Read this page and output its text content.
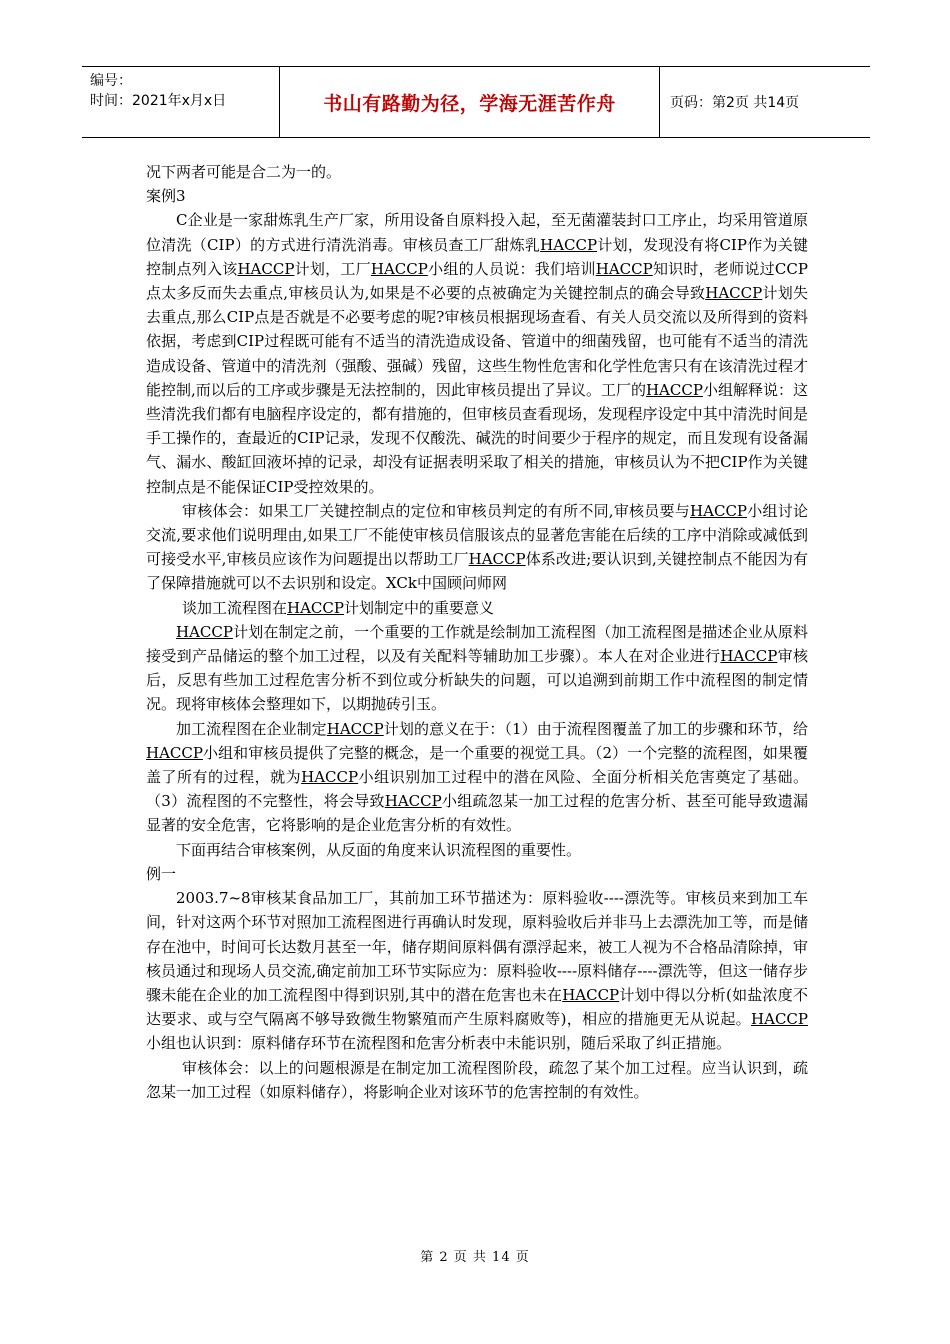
编号：
时间：2021年x月x日	书山有路勤为径，学海无涯苦作舟	页码：第2页 共14页

况下两者可能是合二为一的。

案例3

C企业是一家甜炼乳生产厂家，所用设备自原料投入起，至无菌灌装封口工序止，均采用管道原位清洗（CIP）的方式进行清洗消毒。审核员查工厂甜炼乳HACCP计划，发现没有将CIP作为关键控制点列入该HACCP计划，工厂HACCP小组的人员说：我们培训HACCP知识时，老师说过CCP点太多反而失去重点,审核员认为,如果是不必要的点被确定为关键控制点的确会导致HACCP计划失去重点,那么CIP点是否就是不必要考虑的呢?审核员根据现场查看、有关人员交流以及所得到的资料依据，考虑到CIP过程既可能有不适当的清洗造成设备、管道中的细菌残留，也可能有不适当的清洗造成设备、管道中的清洗剂（强酸、强碱）残留，这些生物性危害和化学性危害只有在该清洗过程才能控制,而以后的工序或步骤是无法控制的，因此审核员提出了异议。工厂的HACCP小组解释说：这些清洗我们都有电脑程序设定的，都有措施的，但审核员查看现场，发现程序设定中其中清洗时间是手工操作的，查最近的CIP记录，发现不仅酸洗、碱洗的时间要少于程序的规定，而且发现有设备漏气、漏水、酸缸回液坏掉的记录，却没有证据表明采取了相关的措施，审核员认为不把CIP作为关键控制点是不能保证CIP受控效果的。

审核体会：如果工厂关键控制点的定位和审核员判定的有所不同,审核员要与HACCP小组讨论交流,要求他们说明理由,如果工厂不能使审核员信服该点的显著危害能在后续的工序中消除或减低到可接受水平,审核员应该作为问题提出以帮助工厂HACCP体系改进;要认识到,关键控制点不能因为有了保障措施就可以不去识别和设定。XCk中国顾问师网

谈加工流程图在HACCP计划制定中的重要意义

HACCP计划在制定之前，一个重要的工作就是绘制加工流程图（加工流程图是描述企业从原料接受到产品储运的整个加工过程，以及有关配料等辅助加工步骤）。本人在对企业进行HACCP审核后，反思有些加工过程危害分析不到位或分析缺失的问题，可以追溯到前期工作中流程图的制定情况。现将审核体会整理如下，以期抛砖引玉。

加工流程图在企业制定HACCP计划的意义在于：（1）由于流程图覆盖了加工的步骤和环节，给HACCP小组和审核员提供了完整的概念，是一个重要的视觉工具。（2）一个完整的流程图，如果覆盖了所有的过程，就为HACCP小组识别加工过程中的潜在风险、全面分析相关危害奠定了基础。（3）流程图的不完整性，将会导致HACCP小组疏忽某一加工过程的危害分析、甚至可能导致遗漏显著的安全危害，它将影响的是企业危害分析的有效性。

下面再结合审核案例，从反面的角度来认识流程图的重要性。

例一

2003.7~8审核某食品加工厂，其前加工环节描述为：原料验收----漂洗等。审核员来到加工车间，针对这两个环节对照加工流程图进行再确认时发现，原料验收后并非马上去漂洗加工等，而是储存在池中，时间可长达数月甚至一年，储存期间原料偶有漂浮起来，被工人视为不合格品清除掉，审核员通过和现场人员交流,确定前加工环节实际应为：原料验收----原料储存----漂洗等，但这一储存步骤未能在企业的加工流程图中得到识别,其中的潜在危害也未在HACCP计划中得以分析(如盐浓度不达要求、或与空气隔离不够导致微生物繁殖而产生原料腐败等)，相应的措施更无从说起。HACCP小组也认识到：原料储存环节在流程图和危害分析表中未能识别，随后采取了纠正措施。

审核体会：以上的问题根源是在制定加工流程图阶段，疏忽了某个加工过程。应当认识到，疏忽某一加工过程（如原料储存），将影响企业对该环节的危害控制的有效性。

第 2 页 共 14 页
